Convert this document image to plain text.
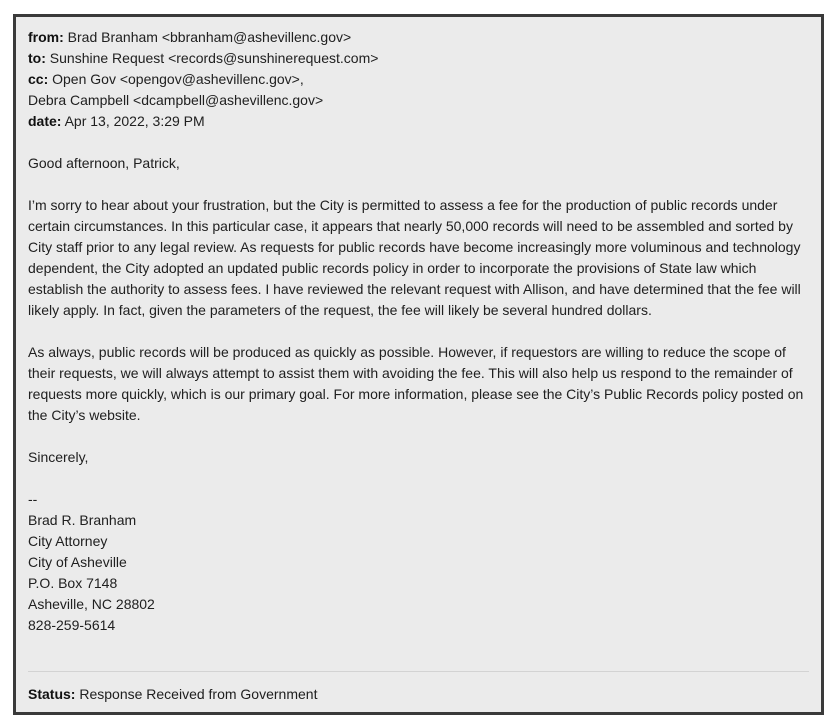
from: Brad Branham <bbranham@ashevillenc.gov>
to: Sunshine Request <records@sunshinerequest.com>
cc: Open Gov <opengov@ashevillenc.gov>,
Debra Campbell <dcampbell@ashevillenc.gov>
date: Apr 13, 2022, 3:29 PM
Good afternoon, Patrick,

I’m sorry to hear about your frustration, but the City is permitted to assess a fee for the production of public records under certain circumstances. In this particular case, it appears that nearly 50,000 records will need to be assembled and sorted by City staff prior to any legal review. As requests for public records have become increasingly more voluminous and technology dependent, the City adopted an updated public records policy in order to incorporate the provisions of State law which establish the authority to assess fees. I have reviewed the relevant request with Allison, and have determined that the fee will likely apply. In fact, given the parameters of the request, the fee will likely be several hundred dollars.

As always, public records will be produced as quickly as possible. However, if requestors are willing to reduce the scope of their requests, we will always attempt to assist them with avoiding the fee. This will also help us respond to the remainder of requests more quickly, which is our primary goal. For more information, please see the City’s Public Records policy posted on the City’s website.

Sincerely,
--
Brad R. Branham
City Attorney
City of Asheville
P.O. Box 7148
Asheville, NC 28802
828-259-5614
Status: Response Received from Government
